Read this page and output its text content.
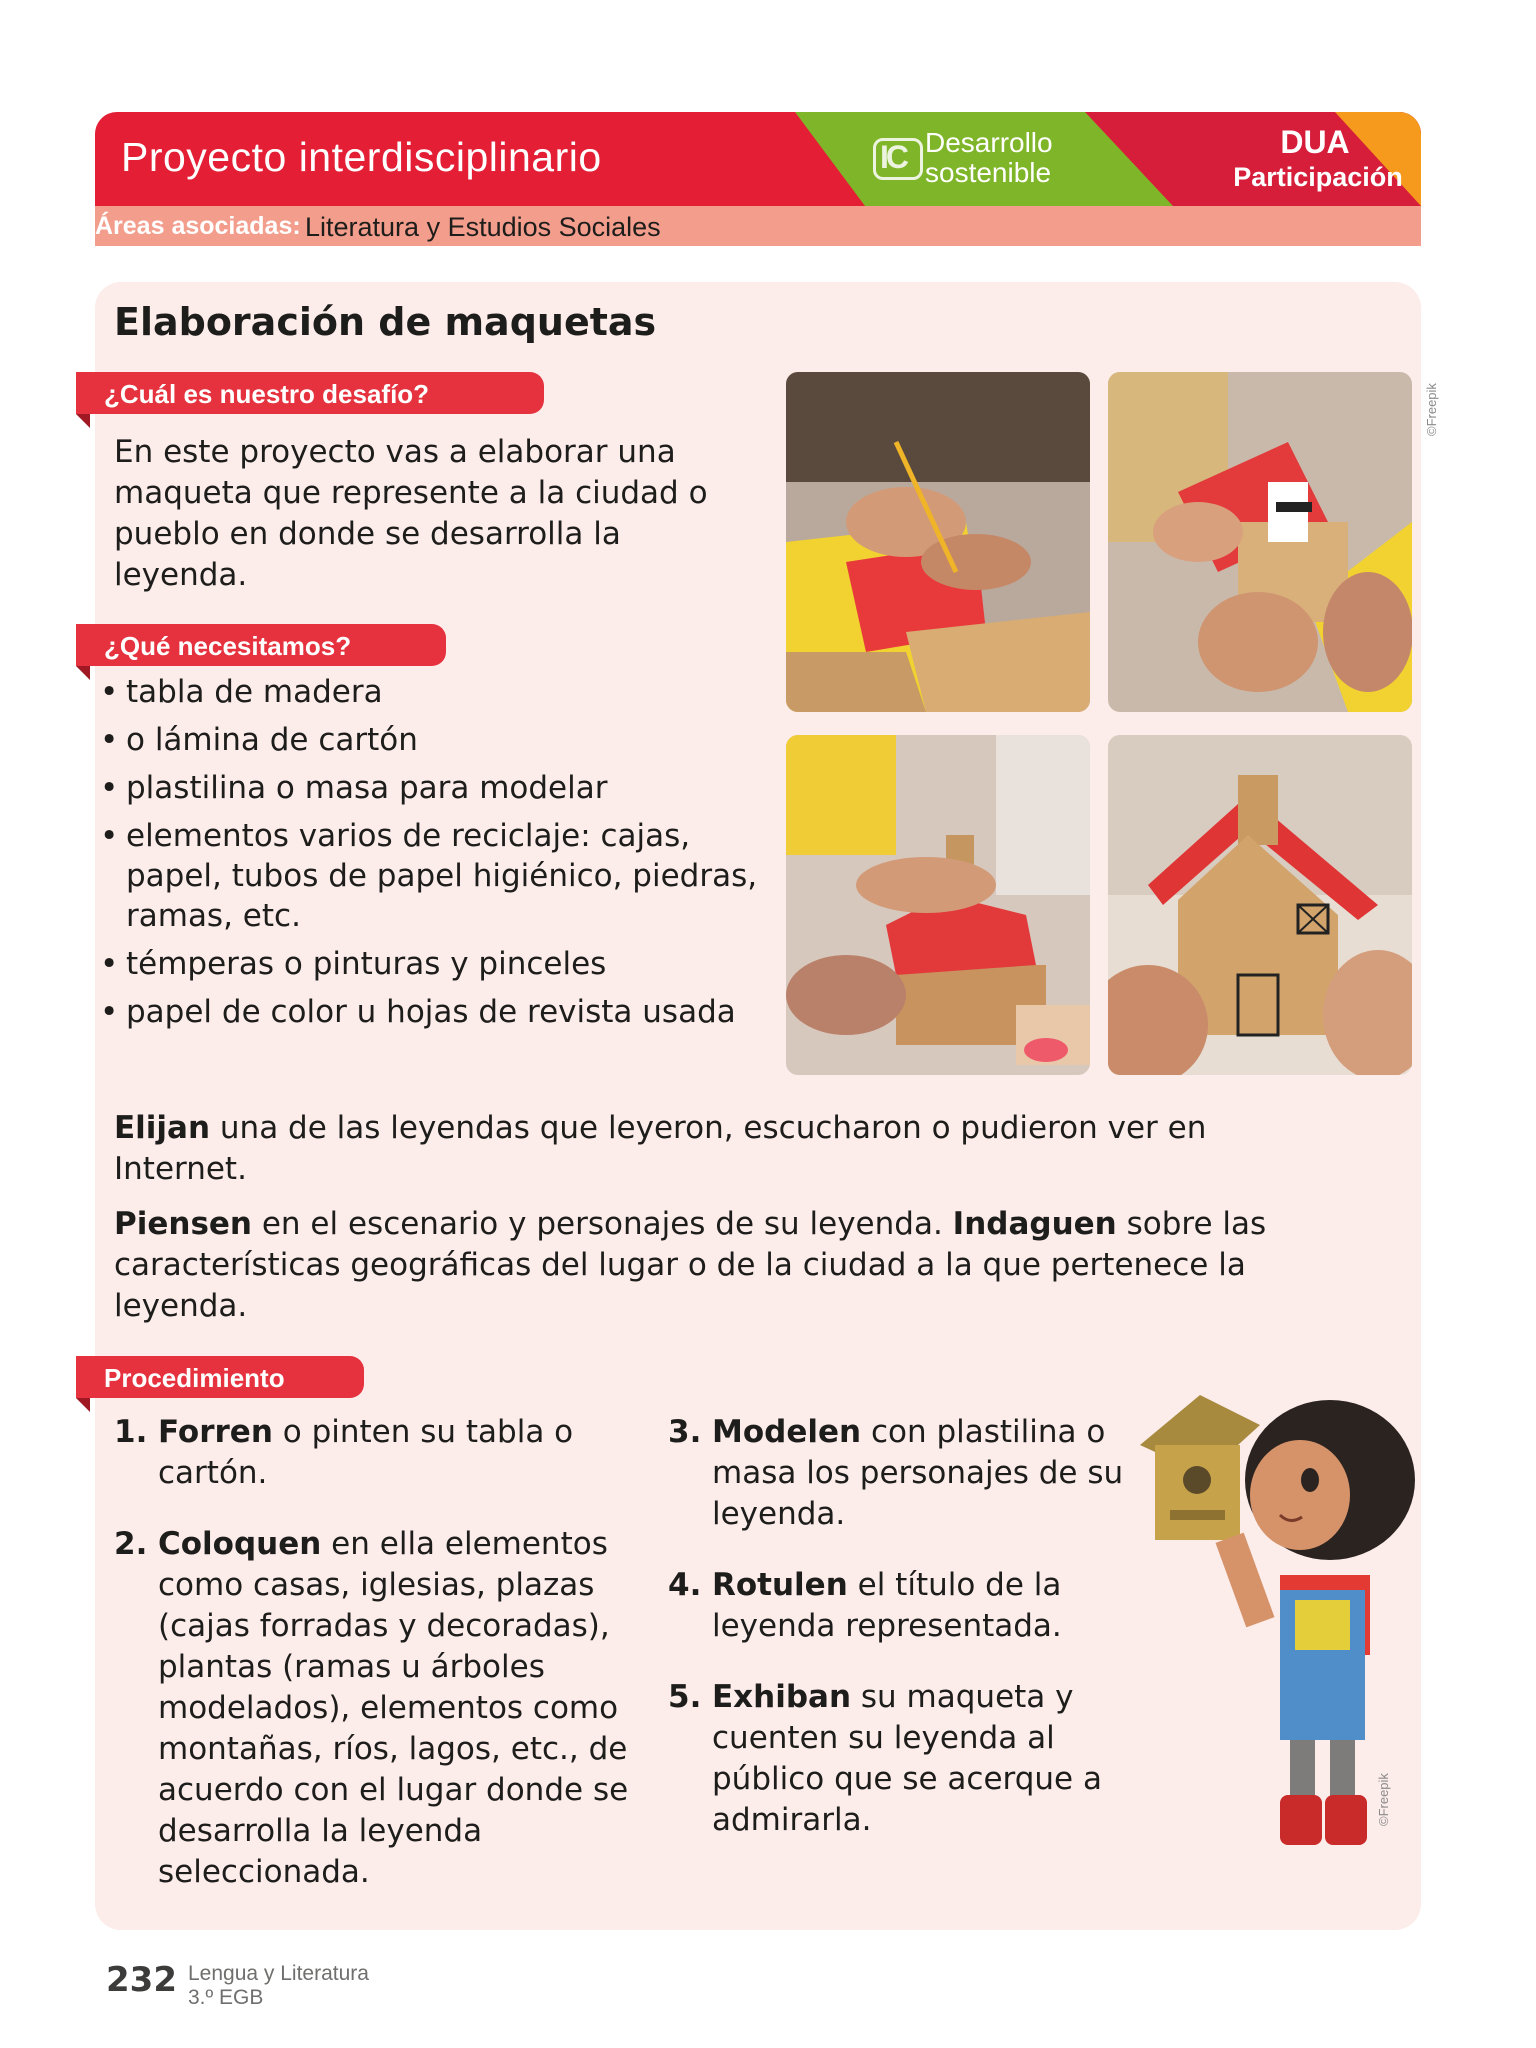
Proyecto interdisciplinario	IC Desarrollo
sostenible
DUA
Participación
Áreas asociadas: Literatura y Estudios Sociales
Elaboración de maquetas
¿Cuál es nuestro desafío?
En este proyecto vas a elaborar una maqueta que represente a la ciudad o pueblo en donde se desarrolla la leyenda.
¿Qué necesitamos?
• tabla de madera
• o lámina de cartón
• plastilina o masa para modelar
• elementos varios de reciclaje: cajas, papel, tubos de papel higiénico, piedras, ramas, etc.
• témperas o pinturas y pinceles
• papel de color u hojas de revista usada
©Freepik
Elijan una de las leyendas que leyeron, escucharon o pudieron ver en Internet.
Piensen en el escenario y personajes de su leyenda. Indaguen sobre las características geográficas del lugar o de la ciudad a la que pertenece la leyenda.
Procedimiento
1. Forren o pinten su tabla o cartón.
2. Coloquen en ella elementos como casas, iglesias, plazas (cajas forradas y decoradas), plantas (ramas u árboles modelados), elementos como montañas, ríos, lagos, etc., de acuerdo con el lugar donde se desarrolla la leyenda seleccionada.
3. Modelen con plastilina o masa los personajes de su leyenda.
4. Rotulen el título de la leyenda representada.
5. Exhiban su maqueta y cuenten su leyenda al público que se acerque a admirarla.	©Freepik
232 Lengua y Literatura
3.º EGB
